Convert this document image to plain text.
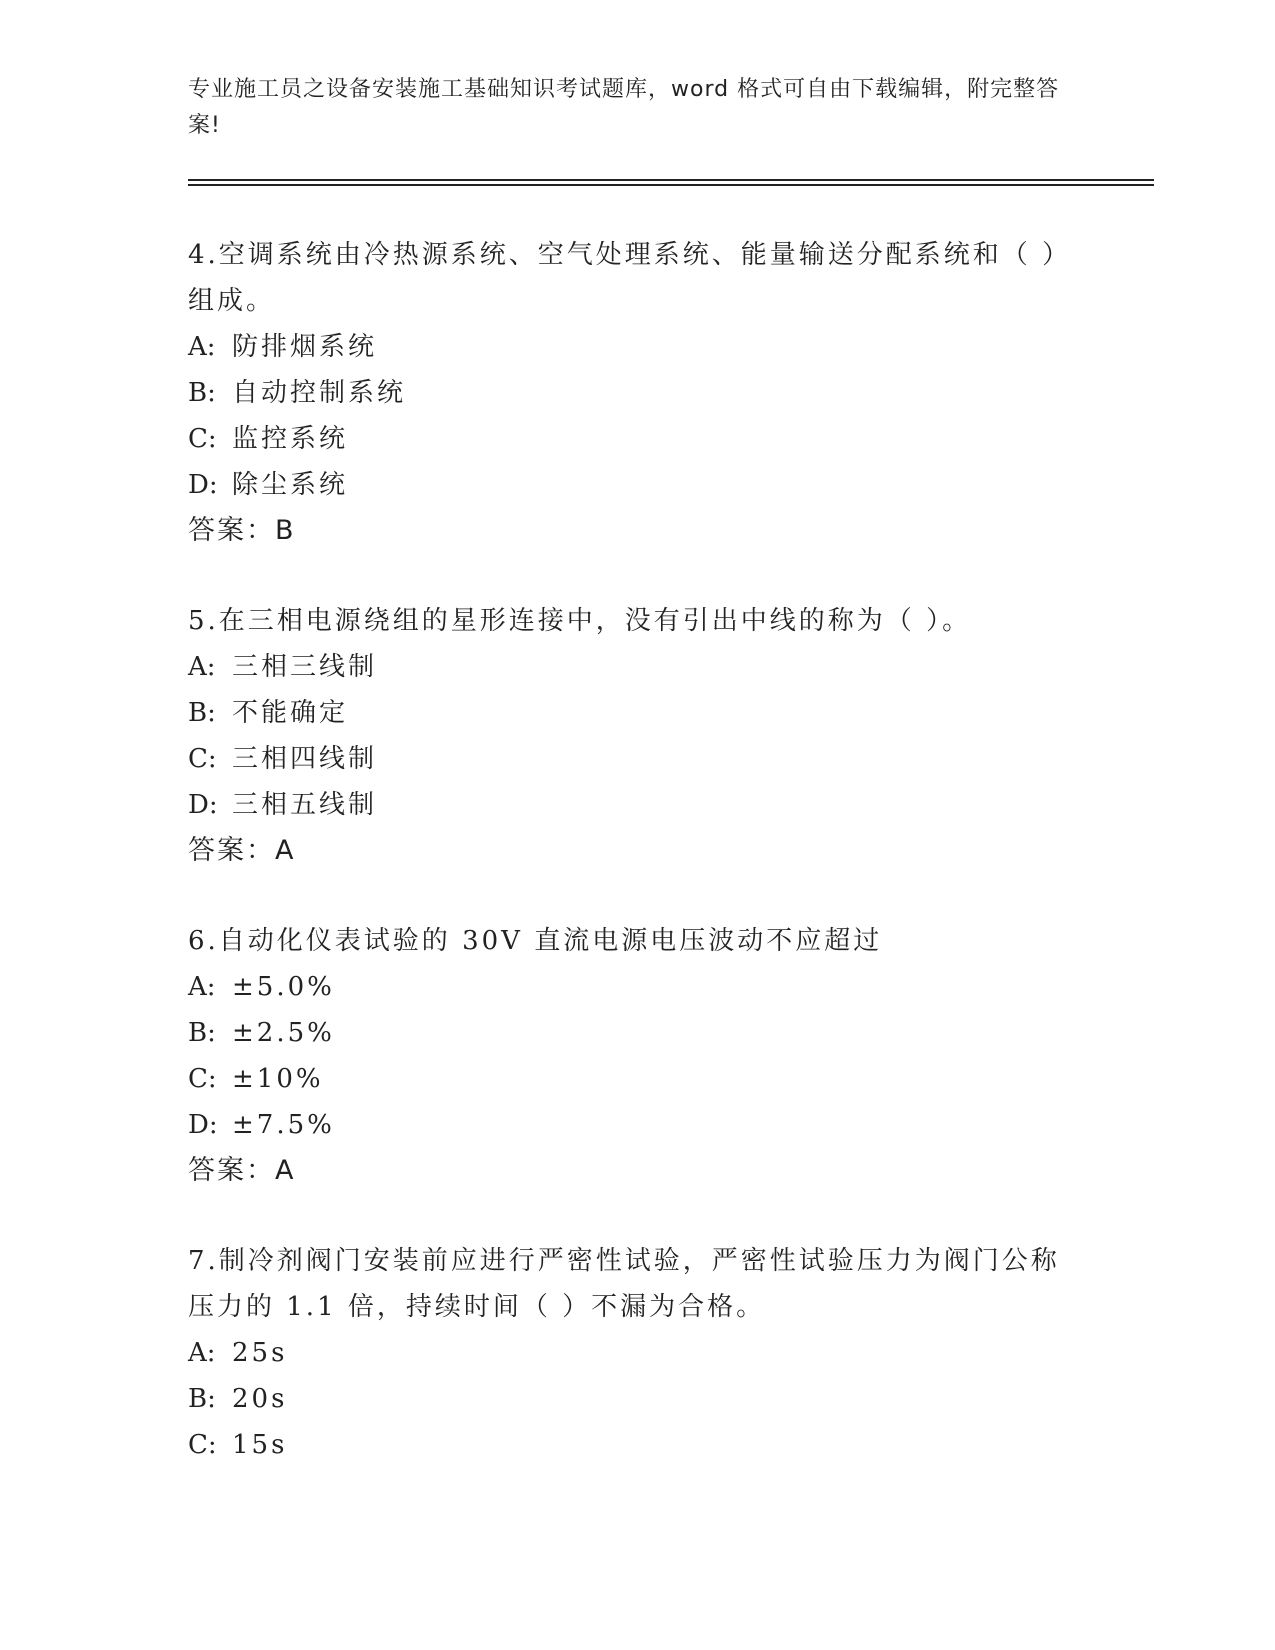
专业施工员之设备安装施工基础知识考试题库，word 格式可自由下载编辑，附完整答案!
4.空调系统由冷热源系统、空气处理系统、能量输送分配系统和（ ）组成。
A: 防排烟系统
B: 自动控制系统
C: 监控系统
D: 除尘系统
答案：B
5.在三相电源绕组的星形连接中，没有引出中线的称为（ ）。
A: 三相三线制
B: 不能确定
C: 三相四线制
D: 三相五线制
答案：A
6.自动化仪表试验的 30V 直流电源电压波动不应超过
A: ±5.0%
B: ±2.5%
C: ±10%
D: ±7.5%
答案：A
7.制冷剂阀门安装前应进行严密性试验，严密性试验压力为阀门公称压力的 1.1 倍，持续时间（ ）不漏为合格。
A: 25s
B: 20s
C: 15s
